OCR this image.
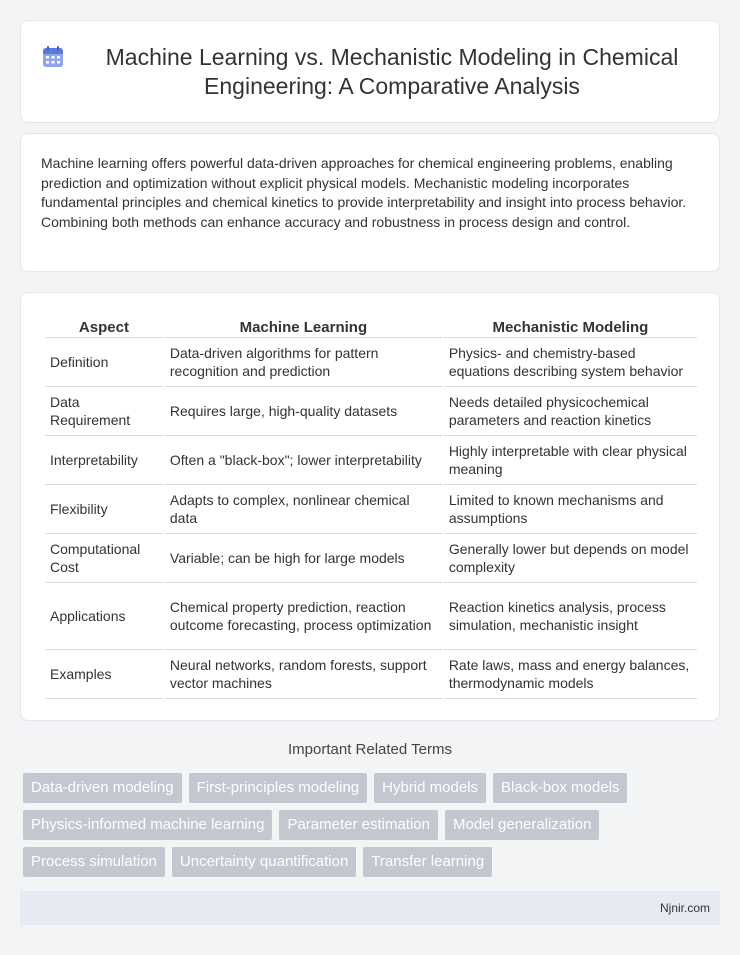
Machine Learning vs. Mechanistic Modeling in Chemical Engineering: A Comparative Analysis

Machine learning offers powerful data-driven approaches for chemical engineering problems, enabling prediction and optimization without explicit physical models. Mechanistic modeling incorporates fundamental principles and chemical kinetics to provide interpretability and insight into process behavior. Combining both methods can enhance accuracy and robustness in process design and control.

Aspect	Machine Learning	Mechanistic Modeling
Definition	Data-driven algorithms for pattern recognition and prediction	Physics- and chemistry-based equations describing system behavior
Data Requirement	Requires large, high-quality datasets	Needs detailed physicochemical parameters and reaction kinetics
Interpretability	Often a "black-box"; lower interpretability	Highly interpretable with clear physical meaning
Flexibility	Adapts to complex, nonlinear chemical data	Limited to known mechanisms and assumptions
Computational Cost	Variable; can be high for large models	Generally lower but depends on model complexity
Applications	Chemical property prediction, reaction outcome forecasting, process optimization	Reaction kinetics analysis, process simulation, mechanistic insight
Examples	Neural networks, random forests, support vector machines	Rate laws, mass and energy balances, thermodynamic models
Important Related Terms
Data-driven modeling	First-principles modeling	Hybrid models	Black-box models
Physics-informed machine learning	Parameter estimation	Model generalization
Process simulation	Uncertainty quantification	Transfer learning
Njnir.com
